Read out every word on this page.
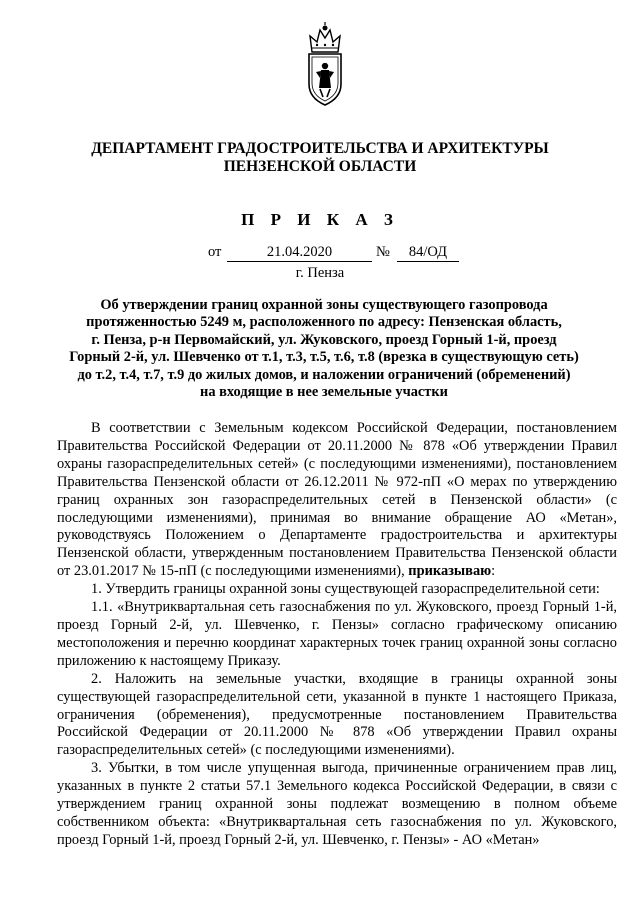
ДЕПАРТАМЕНТ ГРАДОСТРОИТЕЛЬСТВА И АРХИТЕКТУРЫ
ПЕНЗЕНСКОЙ ОБЛАСТИ
П Р И К А З
от	21.04.2020	№	84/ОД
г. Пенза
Об утверждении границ охранной зоны существующего газопровода
протяженностью 5249 м, расположенного по адресу: Пензенская область,
г. Пенза, р-н Первомайский, ул. Жуковского, проезд Горный 1-й, проезд
Горный 2-й, ул. Шевченко от т.1, т.3, т.5, т.6, т.8 (врезка в существующую сеть)
до т.2, т.4, т.7, т.9 до жилых домов, и наложении ограничений (обременений)
на входящие в нее земельные участки

В соответствии с Земельным кодексом Российской Федерации, постановлением Правительства Российской Федерации от 20.11.2000 № 878 «Об утверждении Правил охраны газораспределительных сетей» (с последующими изменениями), постановлением Правительства Пензенской области от 26.12.2011 № 972-пП «О мерах по утверждению границ охранных зон газораспределительных сетей в Пензенской области» (с последующими изменениями), принимая во внимание обращение АО «Метан», руководствуясь Положением о Департаменте градостроительства и архитектуры Пензенской области, утвержденным постановлением Правительства Пензенской области от 23.01.2017 № 15-пП (с последующими изменениями), приказываю:

1. Утвердить границы охранной зоны существующей газораспределительной сети:

1.1. «Внутриквартальная сеть газоснабжения по ул. Жуковского, проезд Горный 1-й, проезд Горный 2-й, ул. Шевченко, г. Пензы» согласно графическому описанию местоположения и перечню координат характерных точек границ охранной зоны согласно приложению к настоящему Приказу.

2. Наложить на земельные участки, входящие в границы охранной зоны существующей газораспределительной сети, указанной в пункте 1 настоящего Приказа, ограничения (обременения), предусмотренные постановлением Правительства Российской Федерации от 20.11.2000 № 878 «Об утверждении Правил охраны газораспределительных сетей» (с последующими изменениями).

3. Убытки, в том числе упущенная выгода, причиненные ограничением прав лиц, указанных в пункте 2 статьи 57.1 Земельного кодекса Российской Федерации, в связи с утверждением границ охранной зоны подлежат возмещению в полном объеме собственником объекта: «Внутриквартальная сеть газоснабжения по ул. Жуковского, проезд Горный 1-й, проезд Горный 2-й, ул. Шевченко, г. Пензы» - АО «Метан»
